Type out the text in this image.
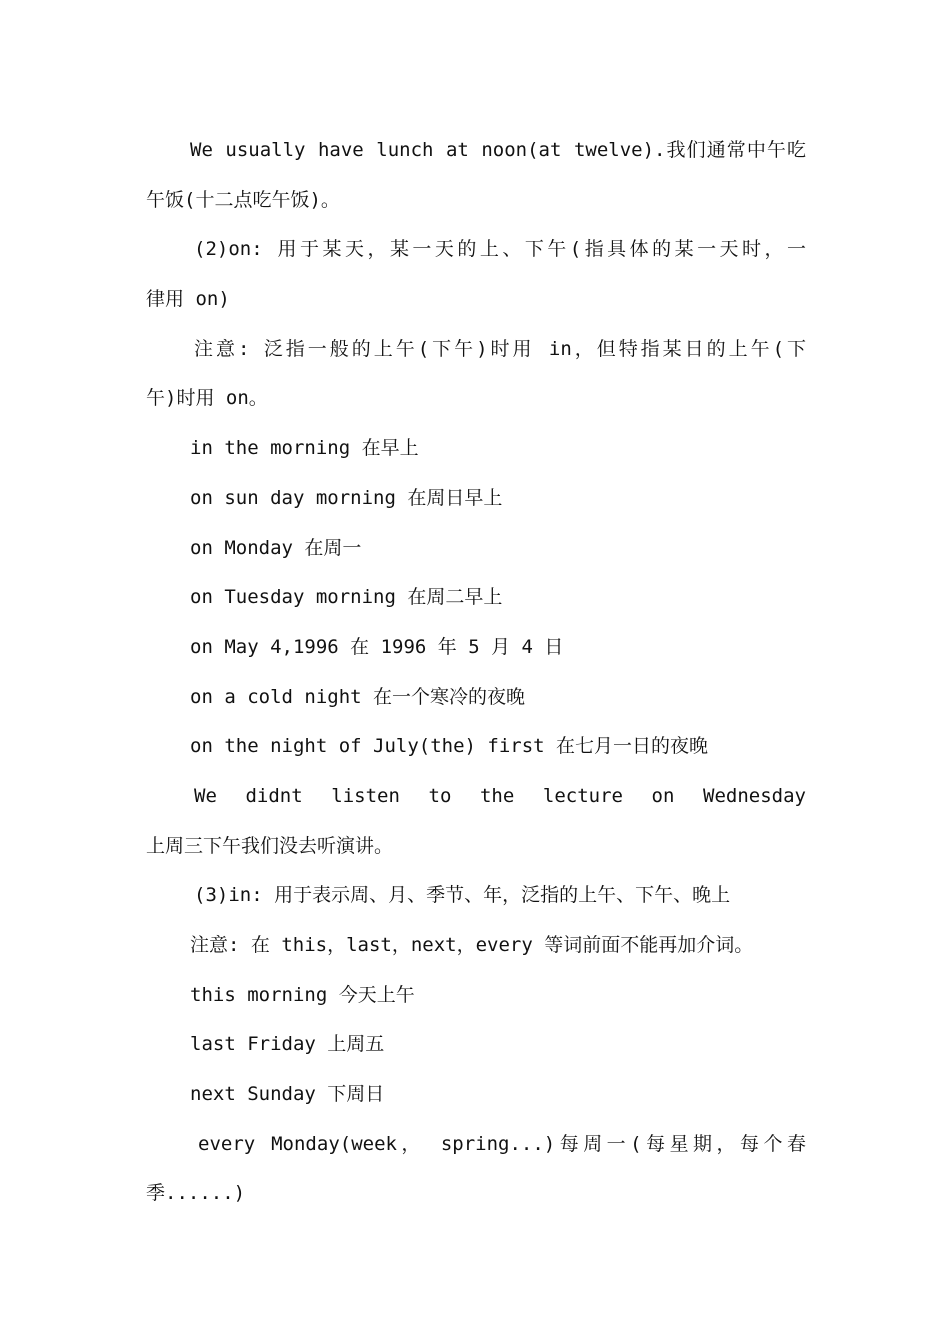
We usually have lunch at noon(at twelve).我们通常中午吃
午饭(十二点吃午饭)。
(2)on: 用于某天，某一天的上、下午(指具体的某一天时，一
律用 on)
注意: 泛指一般的上午(下午)时用 in，但特指某日的上午(下
午)时用 on。
in the morning 在早上
on sun day morning 在周日早上
on Monday 在周一
on Tuesday morning 在周二早上
on May 4,1996 在 1996 年 5 月 4 日
on a cold night 在一个寒冷的夜晚
on the night of July(the) first 在七月一日的夜晚
We didnt listen to the lecture on Wednesday
上周三下午我们没去听演讲。
(3)in: 用于表示周、月、季节、年，泛指的上午、下午、晚上
注意: 在 this，last，next，every 等词前面不能再加介词。
this morning 今天上午
last Friday 上周五
next Sunday 下周日
every Monday(week， spring...)每周一(每星期，每个春
季......)
